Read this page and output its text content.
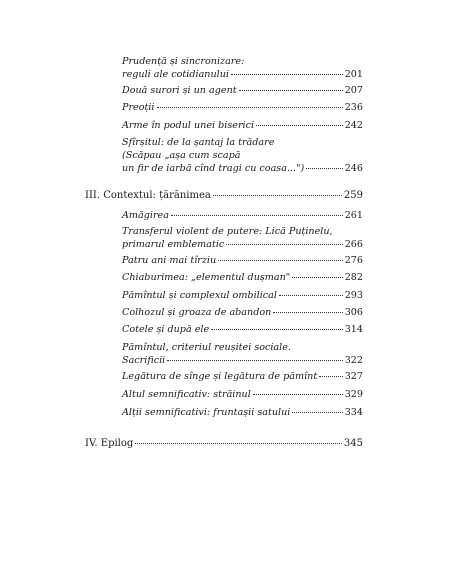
Prudență și sincronizare:
reguli ale cotidianului	201
Două surori și un agent	207
Preoții	236
Arme în podul unei biserici	242
Sfîrșitul: de la șantaj la trădare
(Scăpau „așa cum scapă
un fir de iarbă cînd tragi cu coasa...")	246
III. Contextul: țărănimea	259
Amăgirea	261
Transferul violent de putere: Lică Puținelu,
primarul emblematic	266
Patru ani mai tîrziu	276
Chiaburimea: „elementul dușman"	282
Pămîntul și complexul ombilical	293
Colhozul și groaza de abandon	306
Cotele și după ele	314
Pămîntul, criteriul reușitei sociale.
Sacrificii	322
Legătura de sînge și legătura de pămînt	327
Altul semnificativ: străinul	329
Alții semnificativi: fruntașii satului	334
IV. Epilog	345
